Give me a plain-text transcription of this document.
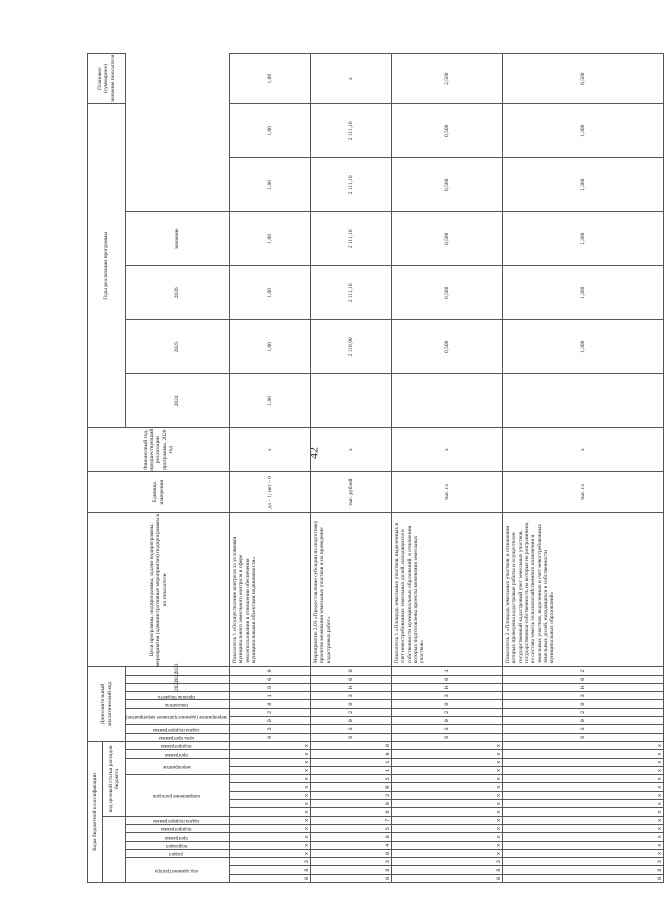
42
Коды бюджетной классификации																	Дополнительный аналитический код									Цели программы, подпрограммы, задачи подпрограммы, мероприятия (административные мероприятия) подпрограммы и их показатели	Единица измерения	Финансовый год, предшествующий реализации программы, 2020 год	Годы реализации программы						Плановое (суммарное) значение показателя
								код целевой статьи расходов бюджета																											
код администратора			раздел	подраздел	программа	подпрограмма	задача подпрограммы	направление расходов					мероприятие		программа	подпрограмма	цель программы	задача подпрограммы	мероприятие (административное мероприятие)		показатель	признак бюджета	2021	2022	2023				2024	2025	2026	значение			
0	8	3	x	x	x	x	x	x	x	x	x	x	x	x	x	x	6	3	0	2	0	1	8	0	9	Показатель 1 «Осуществление контроля за условиями муниципального земельного контроля в сфере землепользования в отношении обеспечения муниципальными объектами недвижимости»	да – 1; нет – 0	x	1,00	1,00	1,00	1,00	1,00	1,00	1,00
0	8	3	0	4	0	5	7	6	0	2	R	5	1	1	9	0	6	3	0	2	0	3	H	0	0	Мероприятие 2.03 «Предоставление субсидии на подготовку проектов межевания земельных участков и на проведение кадастровых работ»	тыс. рублей	x		2 110,90	2 111,10	2 111,10	2 111,10	2 111,10	x
0	8	3	x	x	x	x	x	x	x	x	x	x	x	x	x	x	6	3	0	2	0	3	H	0	1	Показатель 1 «Площадь земельных участков, выделенных в счет невостребованных земельных долей, находящихся в собственности муниципальных образований, в отношении которых подготовлены проекты межевания земельных участков»	тыс. га	x		0,500	0,500	0,500	0,500	0,500	2,500
0	8	3	x	x	x	x	x	x	x	x	x	x	x	x	x	x	6	3	0	2	0	3	H	0	2	Показатель 2 «Площадь земельных участков, в отношении которых проведены кадастровые работы и осуществлен государственный кадастровый учет земельных участков, государственная собственность на которые не разграничена, из состава земель сельскохозяйственного назначения и земельных участков, выделенных в счет невостребованных земельных долей, находящихся в собственности муниципальных образований»	тыс. га	x		1,300	1,300	1,300	1,300	1,300	6,500
